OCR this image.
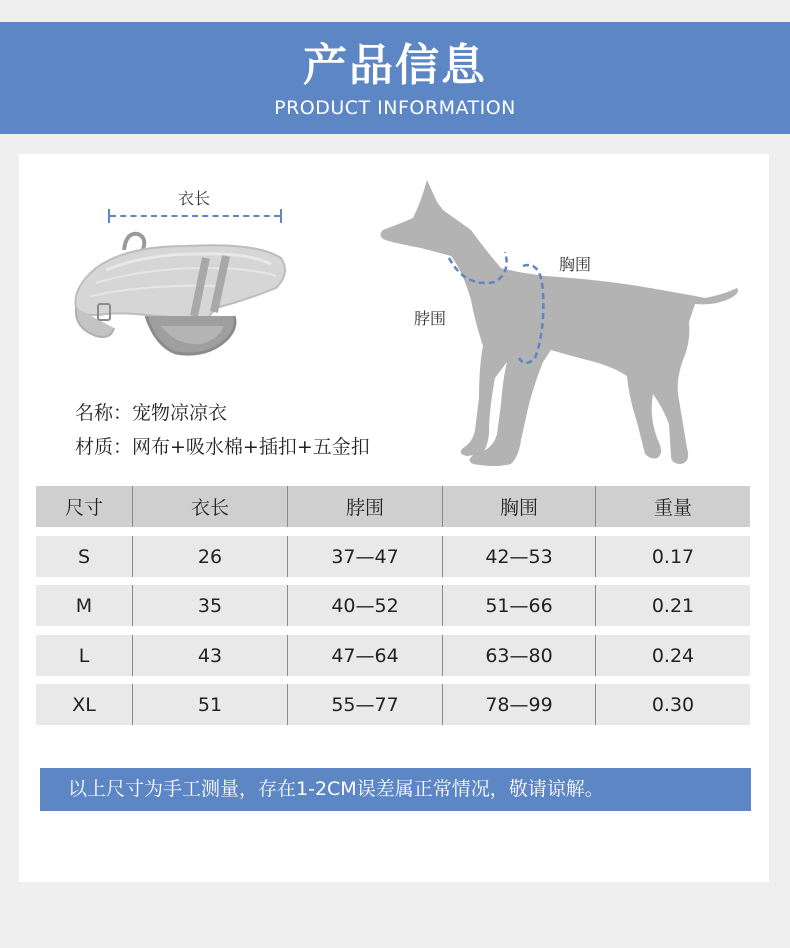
产品信息
PRODUCT INFORMATION
衣长
名称：宠物凉凉衣
材质：网布+吸水棉+插扣+五金扣
胸围
脖围
尺寸	衣长	脖围	胸围	重量
S	26	37—47	42—53	0.17
M	35	40—52	51—66	0.21
L	43	47—64	63—80	0.24
XL	51	55—77	78—99	0.30
以上尺寸为手工测量，存在1-2CM误差属正常情况，敬请谅解。
